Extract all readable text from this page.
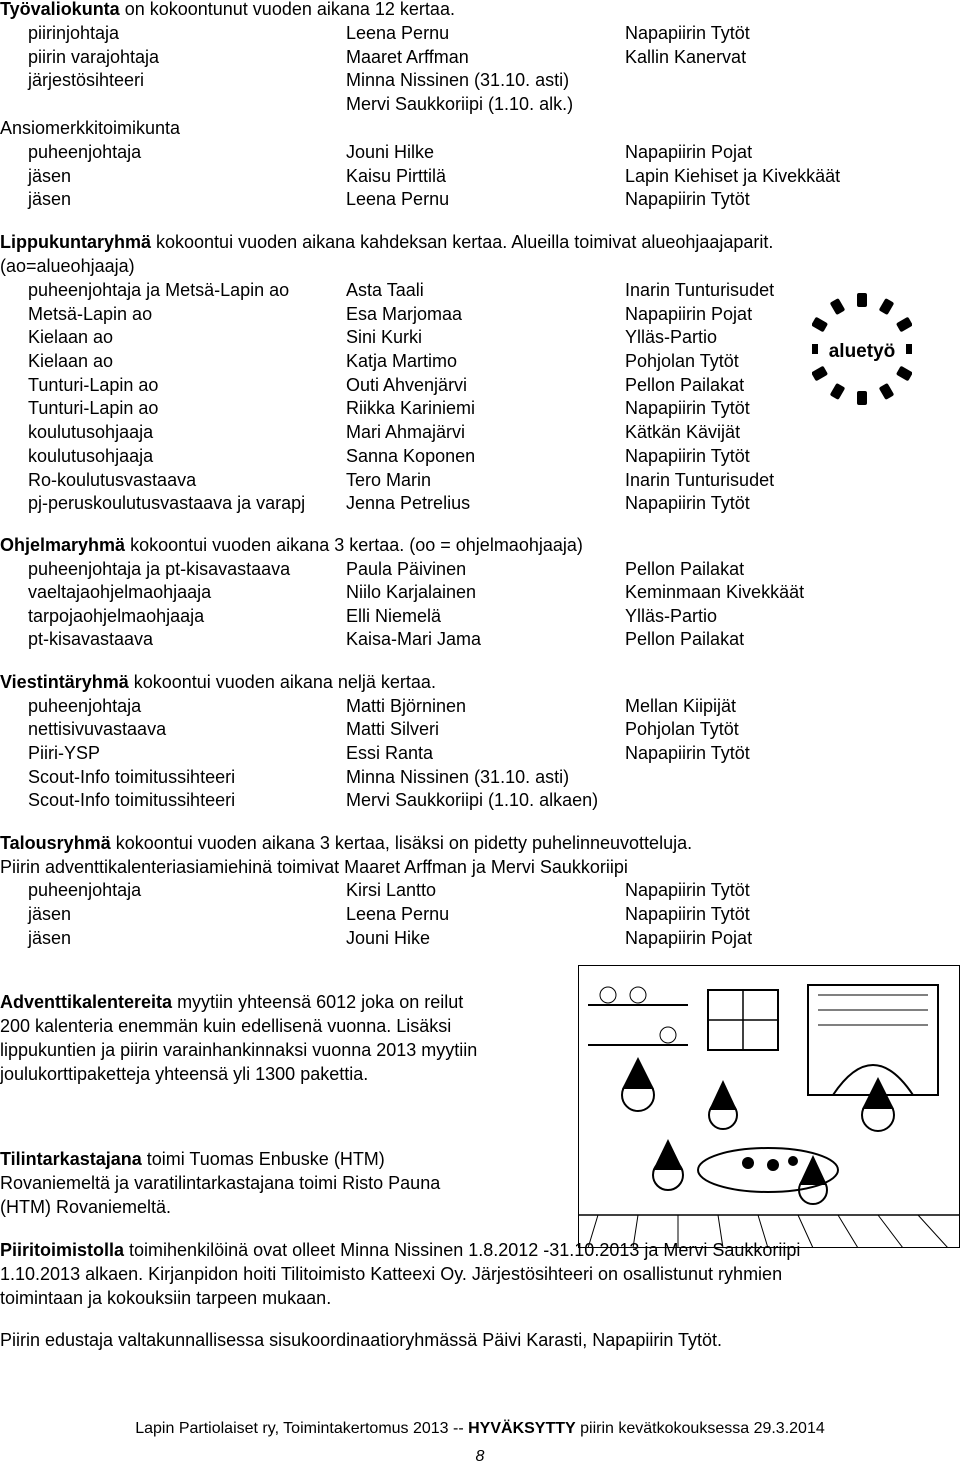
Työvaliokunta on kokoontunut vuoden aikana 12 kertaa.
piirinjohtaja	Leena Pernu	Napapiirin Tytöt
piirin varajohtaja	Maaret Arffman	Kallin Kanervat
järjestösihteeri	Minna Nissinen (31.10. asti)
Mervi Saukkoriipi (1.10. alk.)
Ansiomerkkitoimikunta
puheenjohtaja	Jouni Hilke	Napapiirin Pojat
jäsen	Kaisu Pirttilä	Lapin Kiehiset ja Kivekkäät
jäsen	Leena Pernu	Napapiirin Tytöt
Lippukuntaryhmä kokoontui vuoden aikana kahdeksan kertaa. Alueilla toimivat alueohjaajaparit.
(ao=alueohjaaja)
puheenjohtaja ja Metsä-Lapin ao	Asta Taali	Inarin Tunturisudet
Metsä-Lapin ao	Esa Marjomaa	Napapiirin Pojat
Kielaan ao	Sini Kurki	Ylläs-Partio
Kielaan ao	Katja Martimo	Pohjolan Tytöt
Tunturi-Lapin ao	Outi Ahvenjärvi	Pellon Pailakat
Tunturi-Lapin ao	Riikka Kariniemi	Napapiirin Tytöt
koulutusohjaaja	Mari Ahmajärvi	Kätkän Kävijät
koulutusohjaaja	Sanna Koponen	Napapiirin Tytöt
Ro-koulutusvastaava	Tero Marin	Inarin Tunturisudet
pj-peruskoulutusvastaava ja varapj Jenna Petrelius	Napapiirin Tytöt
aluetyö
Ohjelmaryhmä kokoontui vuoden aikana 3 kertaa. (oo = ohjelmaohjaaja)
puheenjohtaja ja pt-kisavastaava	Paula Päivinen	Pellon Pailakat
vaeltajaohjelmaohjaaja	Niilo Karjalainen	Keminmaan Kivekkäät
tarpojaohjelmaohjaaja	Elli Niemelä	Ylläs-Partio
pt-kisavastaava	Kaisa-Mari Jama	Pellon Pailakat
Viestintäryhmä kokoontui vuoden aikana neljä kertaa.
puheenjohtaja	Matti Björninen	Mellan Kiipijät
nettisivuvastaava	Matti Silveri	Pohjolan Tytöt
Piiri-YSP	Essi Ranta	Napapiirin Tytöt
Scout-Info toimitussihteeri	Minna Nissinen (31.10. asti)
Scout-Info toimitussihteeri	Mervi Saukkoriipi (1.10. alkaen)
Talousryhmä kokoontui vuoden aikana 3 kertaa, lisäksi on pidetty puhelinneuvotteluja.
Piirin adventtikalenteriasiamiehinä toimivat Maaret Arffman ja Mervi Saukkoriipi
puheenjohtaja	Kirsi Lantto	Napapiirin Tytöt
jäsen	Leena Pernu	Napapiirin Tytöt
jäsen	Jouni Hike	Napapiirin Pojat
Adventtikalentereita myytiin yhteensä 6012 joka on reilut
200 kalenteria enemmän kuin edellisenä vuonna. Lisäksi
lippukuntien ja piirin varainhankinnaksi vuonna 2013 myytiin
joulukorttipaketteja yhteensä yli 1300 pakettia.
Tilintarkastajana toimi Tuomas Enbuske (HTM)
Rovaniemeltä ja varatilintarkastajana toimi Risto Pauna
(HTM) Rovaniemeltä.
Piiritoimistolla toimihenkilöinä ovat olleet Minna Nissinen 1.8.2012 -31.10.2013 ja Mervi Saukkoriipi
1.10.2013 alkaen. Kirjanpidon hoiti Tilitoimisto Katteexi Oy. Järjestösihteeri on osallistunut ryhmien
toimintaan ja kokouksiin tarpeen mukaan.
Piirin edustaja valtakunnallisessa sisukoordinaatioryhmässä Päivi Karasti, Napapiirin Tytöt.
Lapin Partiolaiset ry, Toimintakertomus 2013 -- HYVÄKSYTTY piirin kevätkokouksessa 29.3.2014
8
